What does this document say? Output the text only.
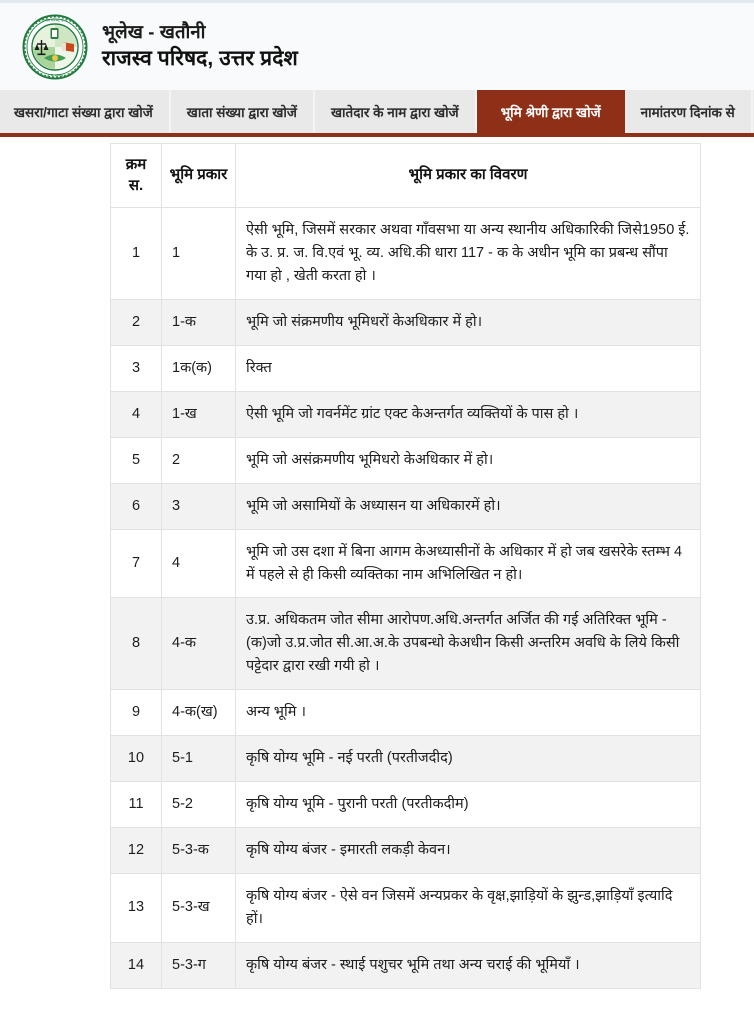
राजस्व परिषद, उ. प्र.
उ. प्र. शासन
भूलेख - खतौनी
राजस्व परिषद, उत्तर प्रदेश
खसरा/गाटा संख्या द्वारा खोजें	खाता संख्या द्वारा खोजें	खातेदार के नाम द्वारा खोजें	भूमि श्रेणी द्वारा खोजें	नामांतरण दिनांक से
क्रम स.	भूमि प्रकार	भूमि प्रकार का विवरण
1	1	ऐसी भूमि, जिसमें सरकार अथवा गाँवसभा या अन्य स्थानीय अधिकारिकी जिसे1950 ई. के उ. प्र. ज. वि.एवं भू. व्य. अधि.की धारा 117 - क के अधीन भूमि का प्रबन्ध सौंपा गया हो , खेती करता हो ।
2	1-क	भूमि जो संक्रमणीय भूमिधरों केअधिकार में हो।
3	1क(क)	रिक्त
4	1-ख	ऐसी भूमि जो गवर्नमेंट ग्रांट एक्ट केअन्तर्गत व्यक्तियों के पास हो ।
5	2	भूमि जो असंक्रमणीय भूमिधरो केअधिकार में हो।
6	3	भूमि जो असामियों के अध्यासन या अधिकारमें हो।
7	4	भूमि जो उस दशा में बिना आगम केअध्यासीनों के अधिकार में हो जब खसरेके स्तम्भ 4 में पहले से ही किसी व्यक्तिका नाम अभिलिखित न हो।
8	4-क	उ.प्र. अधिकतम जोत सीमा आरोपण.अधि.अन्तर्गत अर्जित की गई अतिरिक्त भूमि -(क)जो उ.प्र.जोत सी.आ.अ.के उपबन्धो केअधीन किसी अन्तरिम अवधि के लिये किसी पट्टेदार द्वारा रखी गयी हो ।
9	4-क(ख)	अन्य भूमि ।
10	5-1	कृषि योग्य भूमि - नई परती (परतीजदीद)
11	5-2	कृषि योग्य भूमि - पुरानी परती (परतीकदीम)
12	5-3-क	कृषि योग्य बंजर - इमारती लकड़ी केवन।
13	5-3-ख	कृषि योग्य बंजर - ऐसे वन जिसमें अन्यप्रकर के वृक्ष,झाड़ियों के झुन्ड,झाड़ियाँ इत्यादि हों।
14	5-3-ग	कृषि योग्य बंजर - स्थाई पशुचर भूमि तथा अन्य चराई की भूमियाँ ।
